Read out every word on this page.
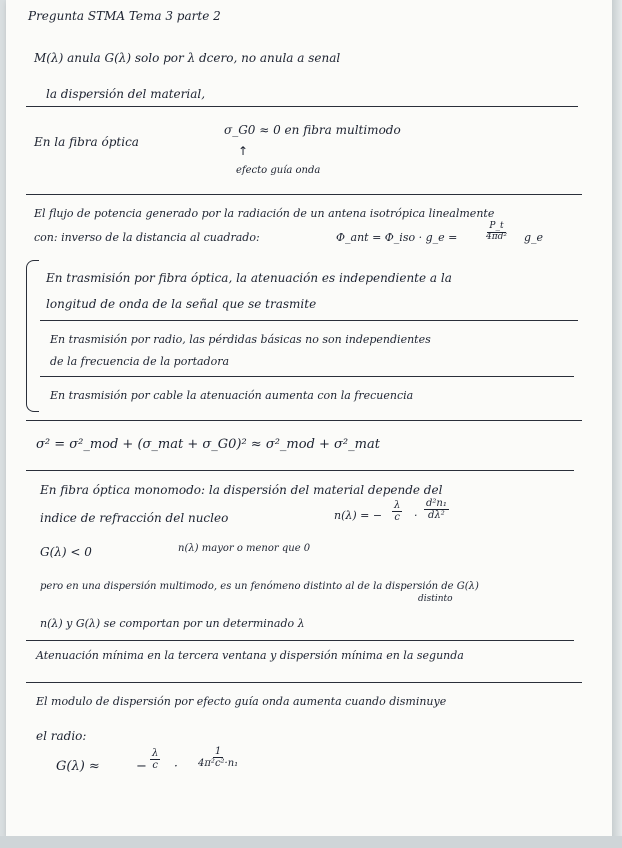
Pregunta STMA Tema 3 parte 2
M(λ) anula G(λ) solo por λ dcero, no anula a senal
la dispersión del material,
En la fibra óptica
σ_G0 ≈ 0 en fibra multimodo
↑
efecto guía onda
El flujo de potencia generado por la radiación de un antena isotrópica linealmente
con: inverso de la distancia al cuadrado:	Φ_ant = Φ_iso · g_e =	$\frac{P\_t}{\text{4πd²}}$ g_e
En trasmisión por fibra óptica, la atenuación es independiente a la
longitud de onda de la señal que se trasmite
En trasmisión por radio, las pérdidas básicas no son independientes
de la frecuencia de la portadora
En trasmisión por cable la atenuación aumenta con la frecuencia
σ² = σ²_mod + (σ_mat + σ_G0)² ≈ σ²_mod + σ²_mat
En fibra óptica monomodo: la dispersión del material depende del
indice de refracción del nucleo	n(λ) = − $\frac{\lambda}{c} \cdot \frac{\text{d²n₁}}{\text{dλ²}}$
G(λ) < 0	n(λ) mayor o menor que 0
pero en una dispersión multimodo, es un fenómeno distinto al de la dispersión de G(λ)
distinto
n(λ) y G(λ) se comportan por un determinado λ
Atenuación mínima en la tercera ventana y dispersión mínima en la segunda
El modulo de dispersión por efecto guía onda aumenta cuando disminuye
el radio:
G(λ) ≈	− $\frac{\lambda}{c} \cdot \frac{1}{\text{4π²c²·n₁}}$
